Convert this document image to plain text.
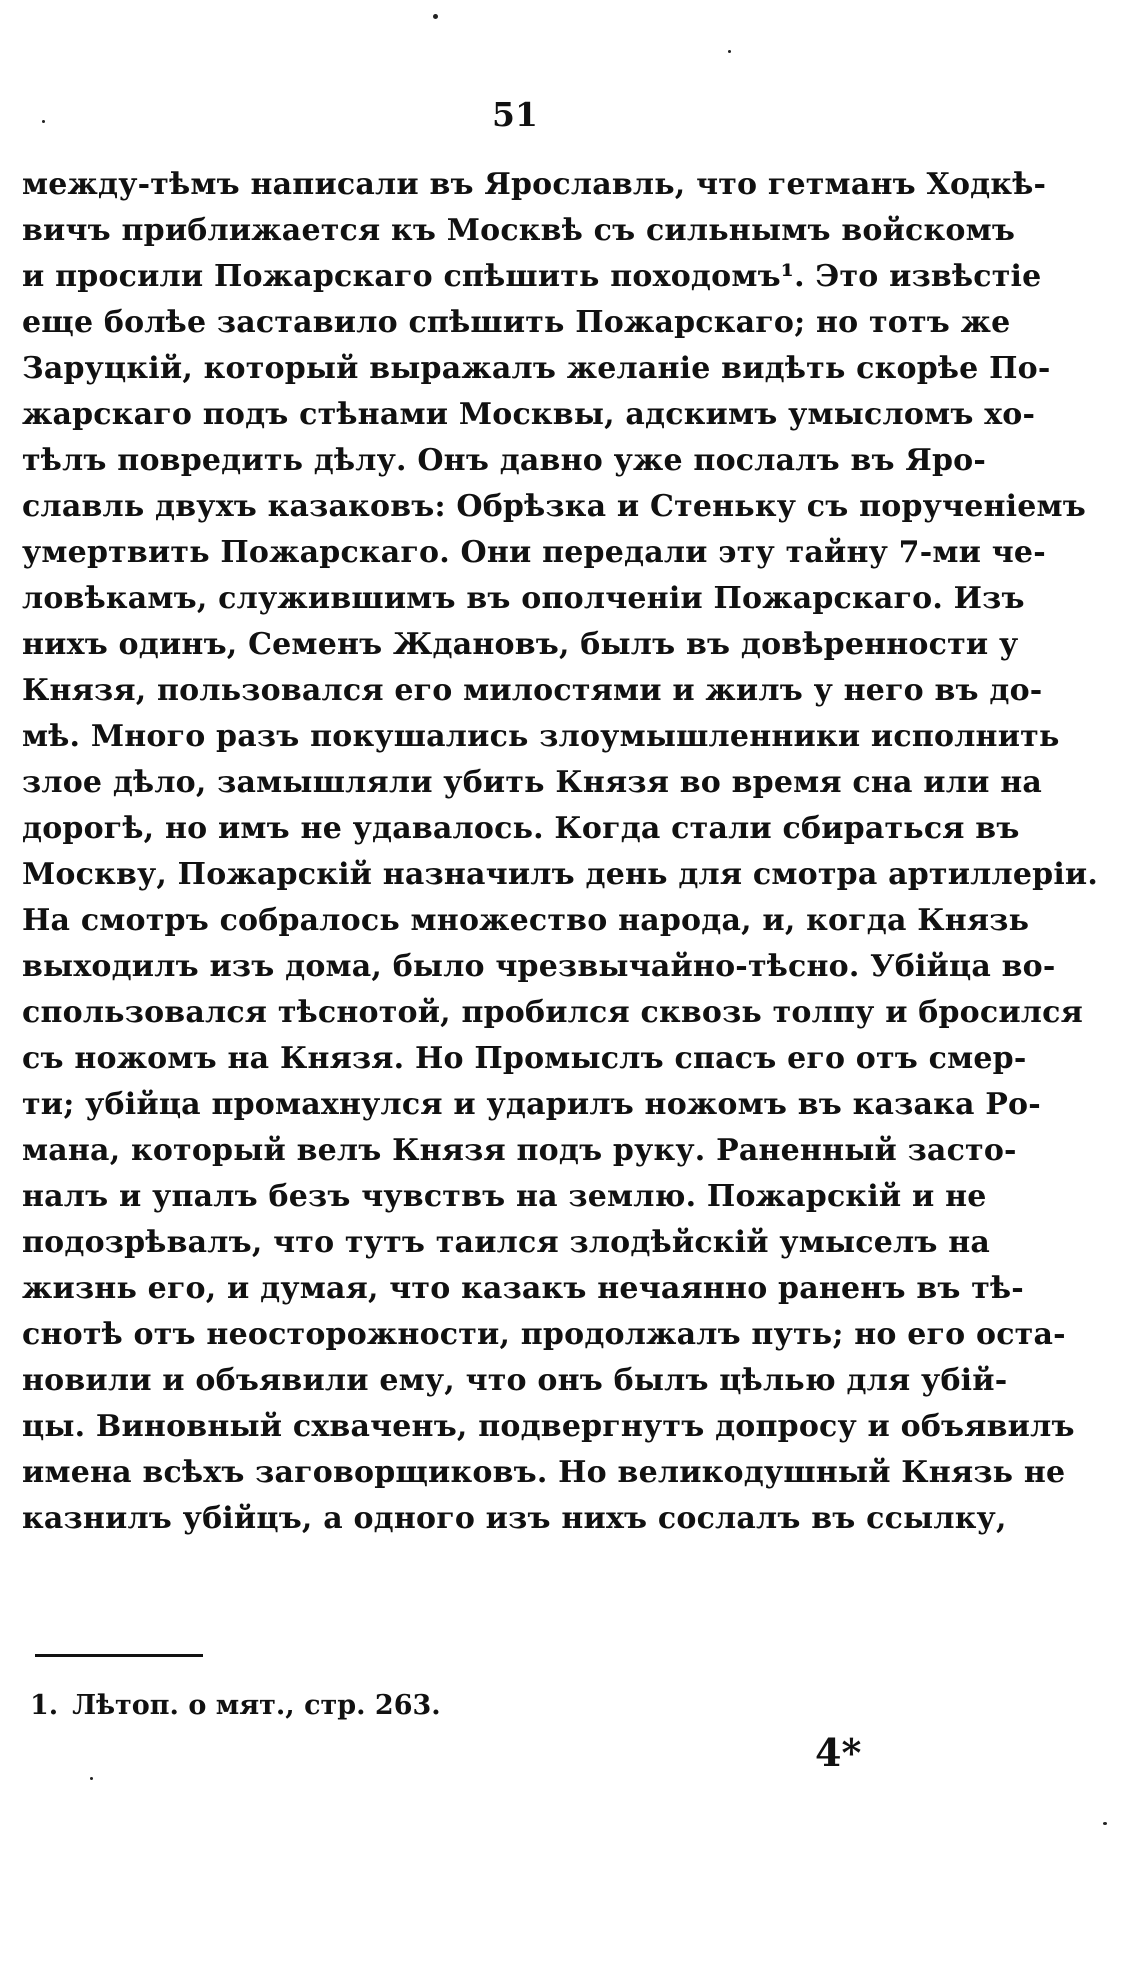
51
между-тѣмъ написали въ Ярославль, что гетманъ Ходкѣ-
вичъ приближается къ Москвѣ съ сильнымъ войскомъ
и просили Пожарскаго спѣшить походомъ¹. Это извѣстіе
еще болѣе заставило спѣшить Пожарскаго; но тотъ же
Заруцкій, который выражалъ желаніе видѣть скорѣе По-
жарскаго подъ стѣнами Москвы, адскимъ умысломъ хо-
тѣлъ повредить дѣлу. Онъ давно уже послалъ въ Яро-
славль двухъ казаковъ: Обрѣзка и Стеньку съ порученіемъ
умертвить Пожарскаго. Они передали эту тайну 7-ми че-
ловѣкамъ, служившимъ въ ополченіи Пожарскаго. Изъ
нихъ одинъ, Семенъ Ждановъ, былъ въ довѣренности у
Князя, пользовался его милостями и жилъ у него въ до-
мѣ. Много разъ покушались злоумышленники исполнить
злое дѣло, замышляли убить Князя во время сна или на
дорогѣ, но имъ не удавалось. Когда стали сбираться въ
Москву, Пожарскій назначилъ день для смотра артиллеріи.
На смотръ собралось множество народа, и, когда Князь
выходилъ изъ дома, было чрезвычайно-тѣсно. Убійца во-
спользовался тѣснотой, пробился сквозь толпу и бросился
съ ножомъ на Князя. Но Промыслъ спасъ его отъ смер-
ти; убійца промахнулся и ударилъ ножомъ въ казака Ро-
мана, который велъ Князя подъ руку. Раненный засто-
налъ и упалъ безъ чувствъ на землю. Пожарскій и не
подозрѣвалъ, что тутъ таился злодѣйскій умыселъ на
жизнь его, и думая, что казакъ нечаянно раненъ въ тѣ-
снотѣ отъ неосторожности, продолжалъ путь; но его оста-
новили и объявили ему, что онъ былъ цѣлью для убій-
цы. Виновный схваченъ, подвергнутъ допросу и объявилъ
имена всѣхъ заговорщиковъ. Но великодушный Князь не
казнилъ убійцъ, а одного изъ нихъ сослалъ въ ссылку,
1. Лѣтоп. о мят., стр. 263.
4*
